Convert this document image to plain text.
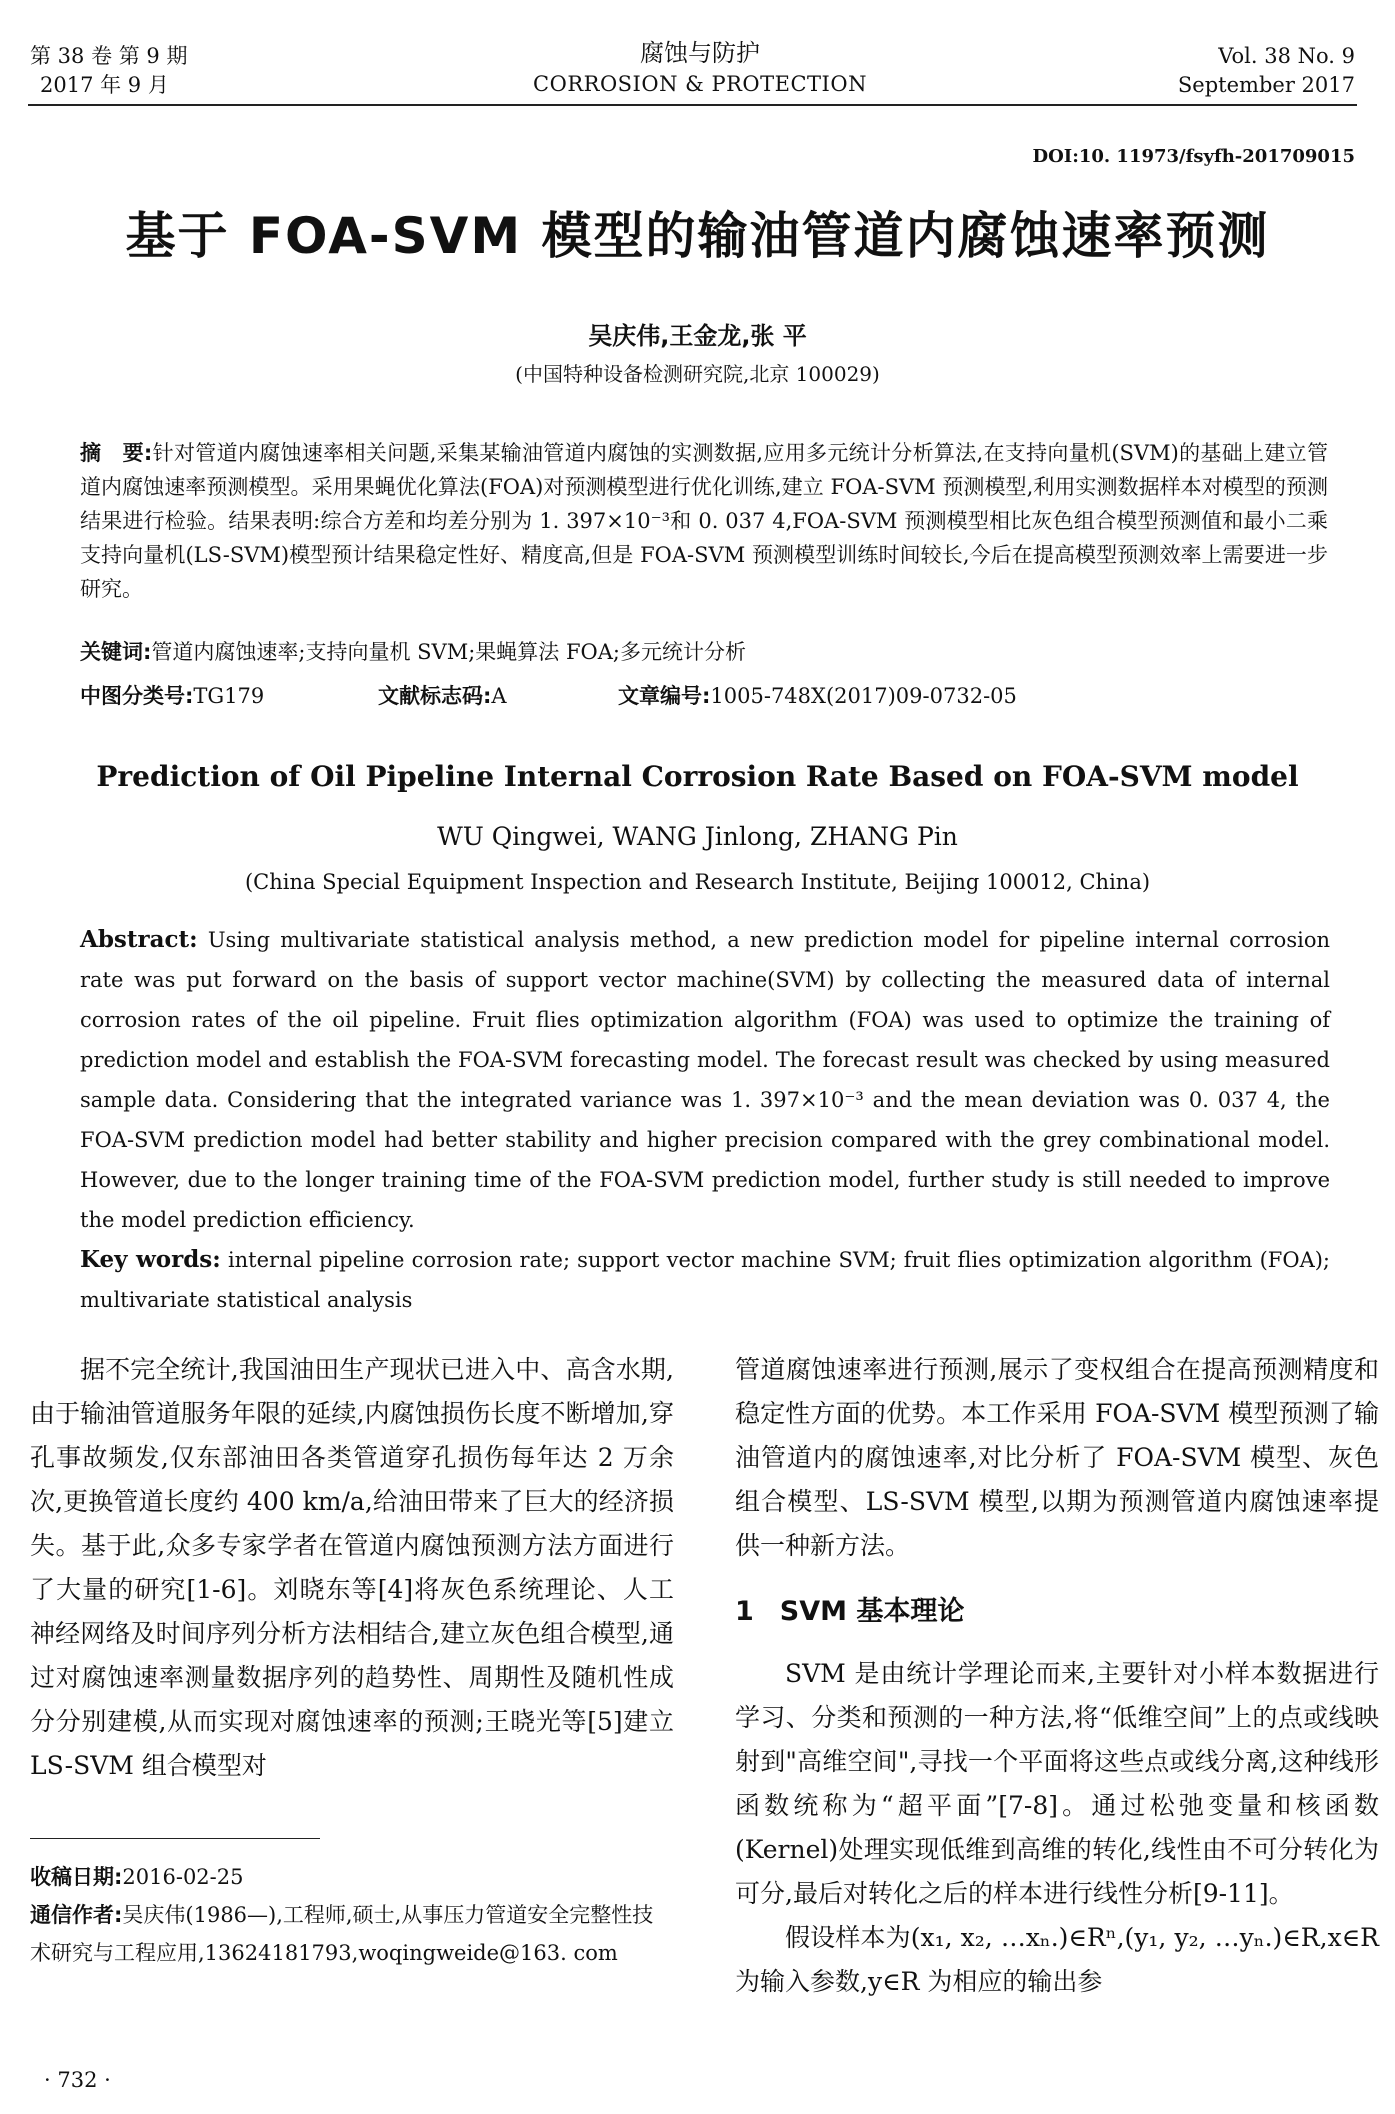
第 38 卷 第 9 期
2017 年 9 月
腐蚀与防护
CORROSION & PROTECTION
Vol. 38 No. 9
September 2017
DOI:10. 11973/fsyfh-201709015
基于 FOA-SVM 模型的输油管道内腐蚀速率预测
吴庆伟,王金龙,张 平
(中国特种设备检测研究院,北京 100029)
摘　要:针对管道内腐蚀速率相关问题,采集某输油管道内腐蚀的实测数据,应用多元统计分析算法,在支持向量机(SVM)的基础上建立管道内腐蚀速率预测模型。采用果蝇优化算法(FOA)对预测模型进行优化训练,建立 FOA-SVM 预测模型,利用实测数据样本对模型的预测结果进行检验。结果表明:综合方差和均差分别为 1. 397×10⁻³和 0. 037 4,FOA-SVM 预测模型相比灰色组合模型预测值和最小二乘支持向量机(LS-SVM)模型预计结果稳定性好、精度高,但是 FOA-SVM 预测模型训练时间较长,今后在提高模型预测效率上需要进一步研究。
关键词:管道内腐蚀速率;支持向量机 SVM;果蝇算法 FOA;多元统计分析
中图分类号:TG179	文献标志码:A	文章编号:1005-748X(2017)09-0732-05
Prediction of Oil Pipeline Internal Corrosion Rate Based on FOA-SVM model
WU Qingwei, WANG Jinlong, ZHANG Pin
(China Special Equipment Inspection and Research Institute, Beijing 100012, China)
Abstract: Using multivariate statistical analysis method, a new prediction model for pipeline internal corrosion rate was put forward on the basis of support vector machine(SVM) by collecting the measured data of internal corrosion rates of the oil pipeline. Fruit flies optimization algorithm (FOA) was used to optimize the training of prediction model and establish the FOA-SVM forecasting model. The forecast result was checked by using measured sample data. Considering that the integrated variance was 1. 397×10⁻³ and the mean deviation was 0. 037 4, the FOA-SVM prediction model had better stability and higher precision compared with the grey combinational model. However, due to the longer training time of the FOA-SVM prediction model, further study is still needed to improve the model prediction efficiency.
Key words: internal pipeline corrosion rate; support vector machine SVM; fruit flies optimization algorithm (FOA); multivariate statistical analysis

据不完全统计,我国油田生产现状已进入中、高含水期,由于输油管道服务年限的延续,内腐蚀损伤长度不断增加,穿孔事故频发,仅东部油田各类管道穿孔损伤每年达 2 万余次,更换管道长度约 400 km/a,给油田带来了巨大的经济损失。基于此,众多专家学者在管道内腐蚀预测方法方面进行了大量的研究[1-6]。刘晓东等[4]将灰色系统理论、人工神经网络及时间序列分析方法相结合,建立灰色组合模型,通过对腐蚀速率测量数据序列的趋势性、周期性及随机性成分分别建模,从而实现对腐蚀速率的预测;王晓光等[5]建立 LS-SVM 组合模型对

管道腐蚀速率进行预测,展示了变权组合在提高预测精度和稳定性方面的优势。本工作采用 FOA-SVM 模型预测了输油管道内的腐蚀速率,对比分析了 FOA-SVM 模型、灰色组合模型、LS-SVM 模型,以期为预测管道内腐蚀速率提供一种新方法。

1 SVM 基本理论

SVM 是由统计学理论而来,主要针对小样本数据进行学习、分类和预测的一种方法,将“低维空间”上的点或线映射到"高维空间",寻找一个平面将这些点或线分离,这种线形函数统称为“超平面”[7-8]。通过松弛变量和核函数(Kernel)处理实现低维到高维的转化,线性由不可分转化为可分,最后对转化之后的样本进行线性分析[9-11]。

假设样本为(x₁, x₂, …xₙ.)∈Rⁿ,(y₁, y₂, …yₙ.)∈R,x∈R 为输入参数,y∈R 为相应的输出参

收稿日期:2016-02-25
通信作者:吴庆伟(1986—),工程师,硕士,从事压力管道安全完整性技术研究与工程应用,13624181793,woqingweide@163. com
· 732 ·
